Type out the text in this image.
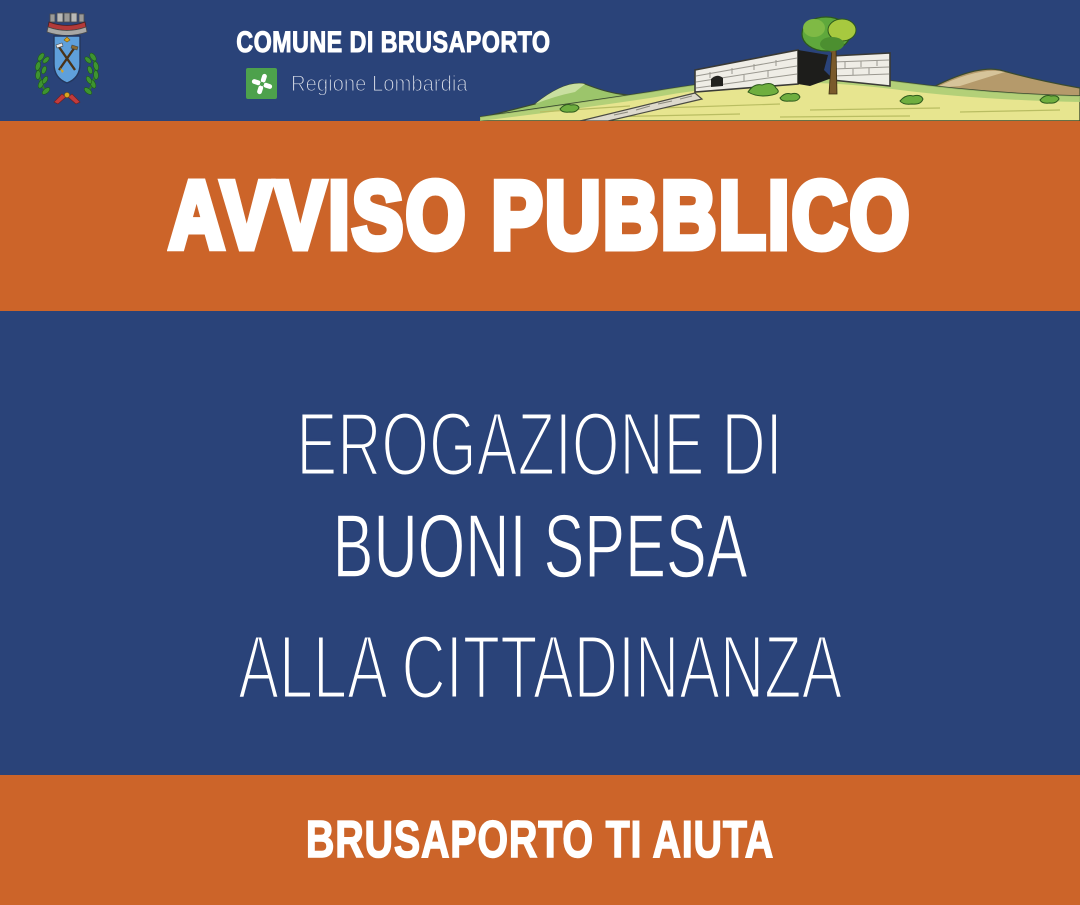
COMUNE DI BRUSAPORTO
Regione Lombardia
AVVISO PUBBLICO
EROGAZIONE DI
BUONI SPESA
ALLA CITTADINANZA
BRUSAPORTO TI AIUTA
